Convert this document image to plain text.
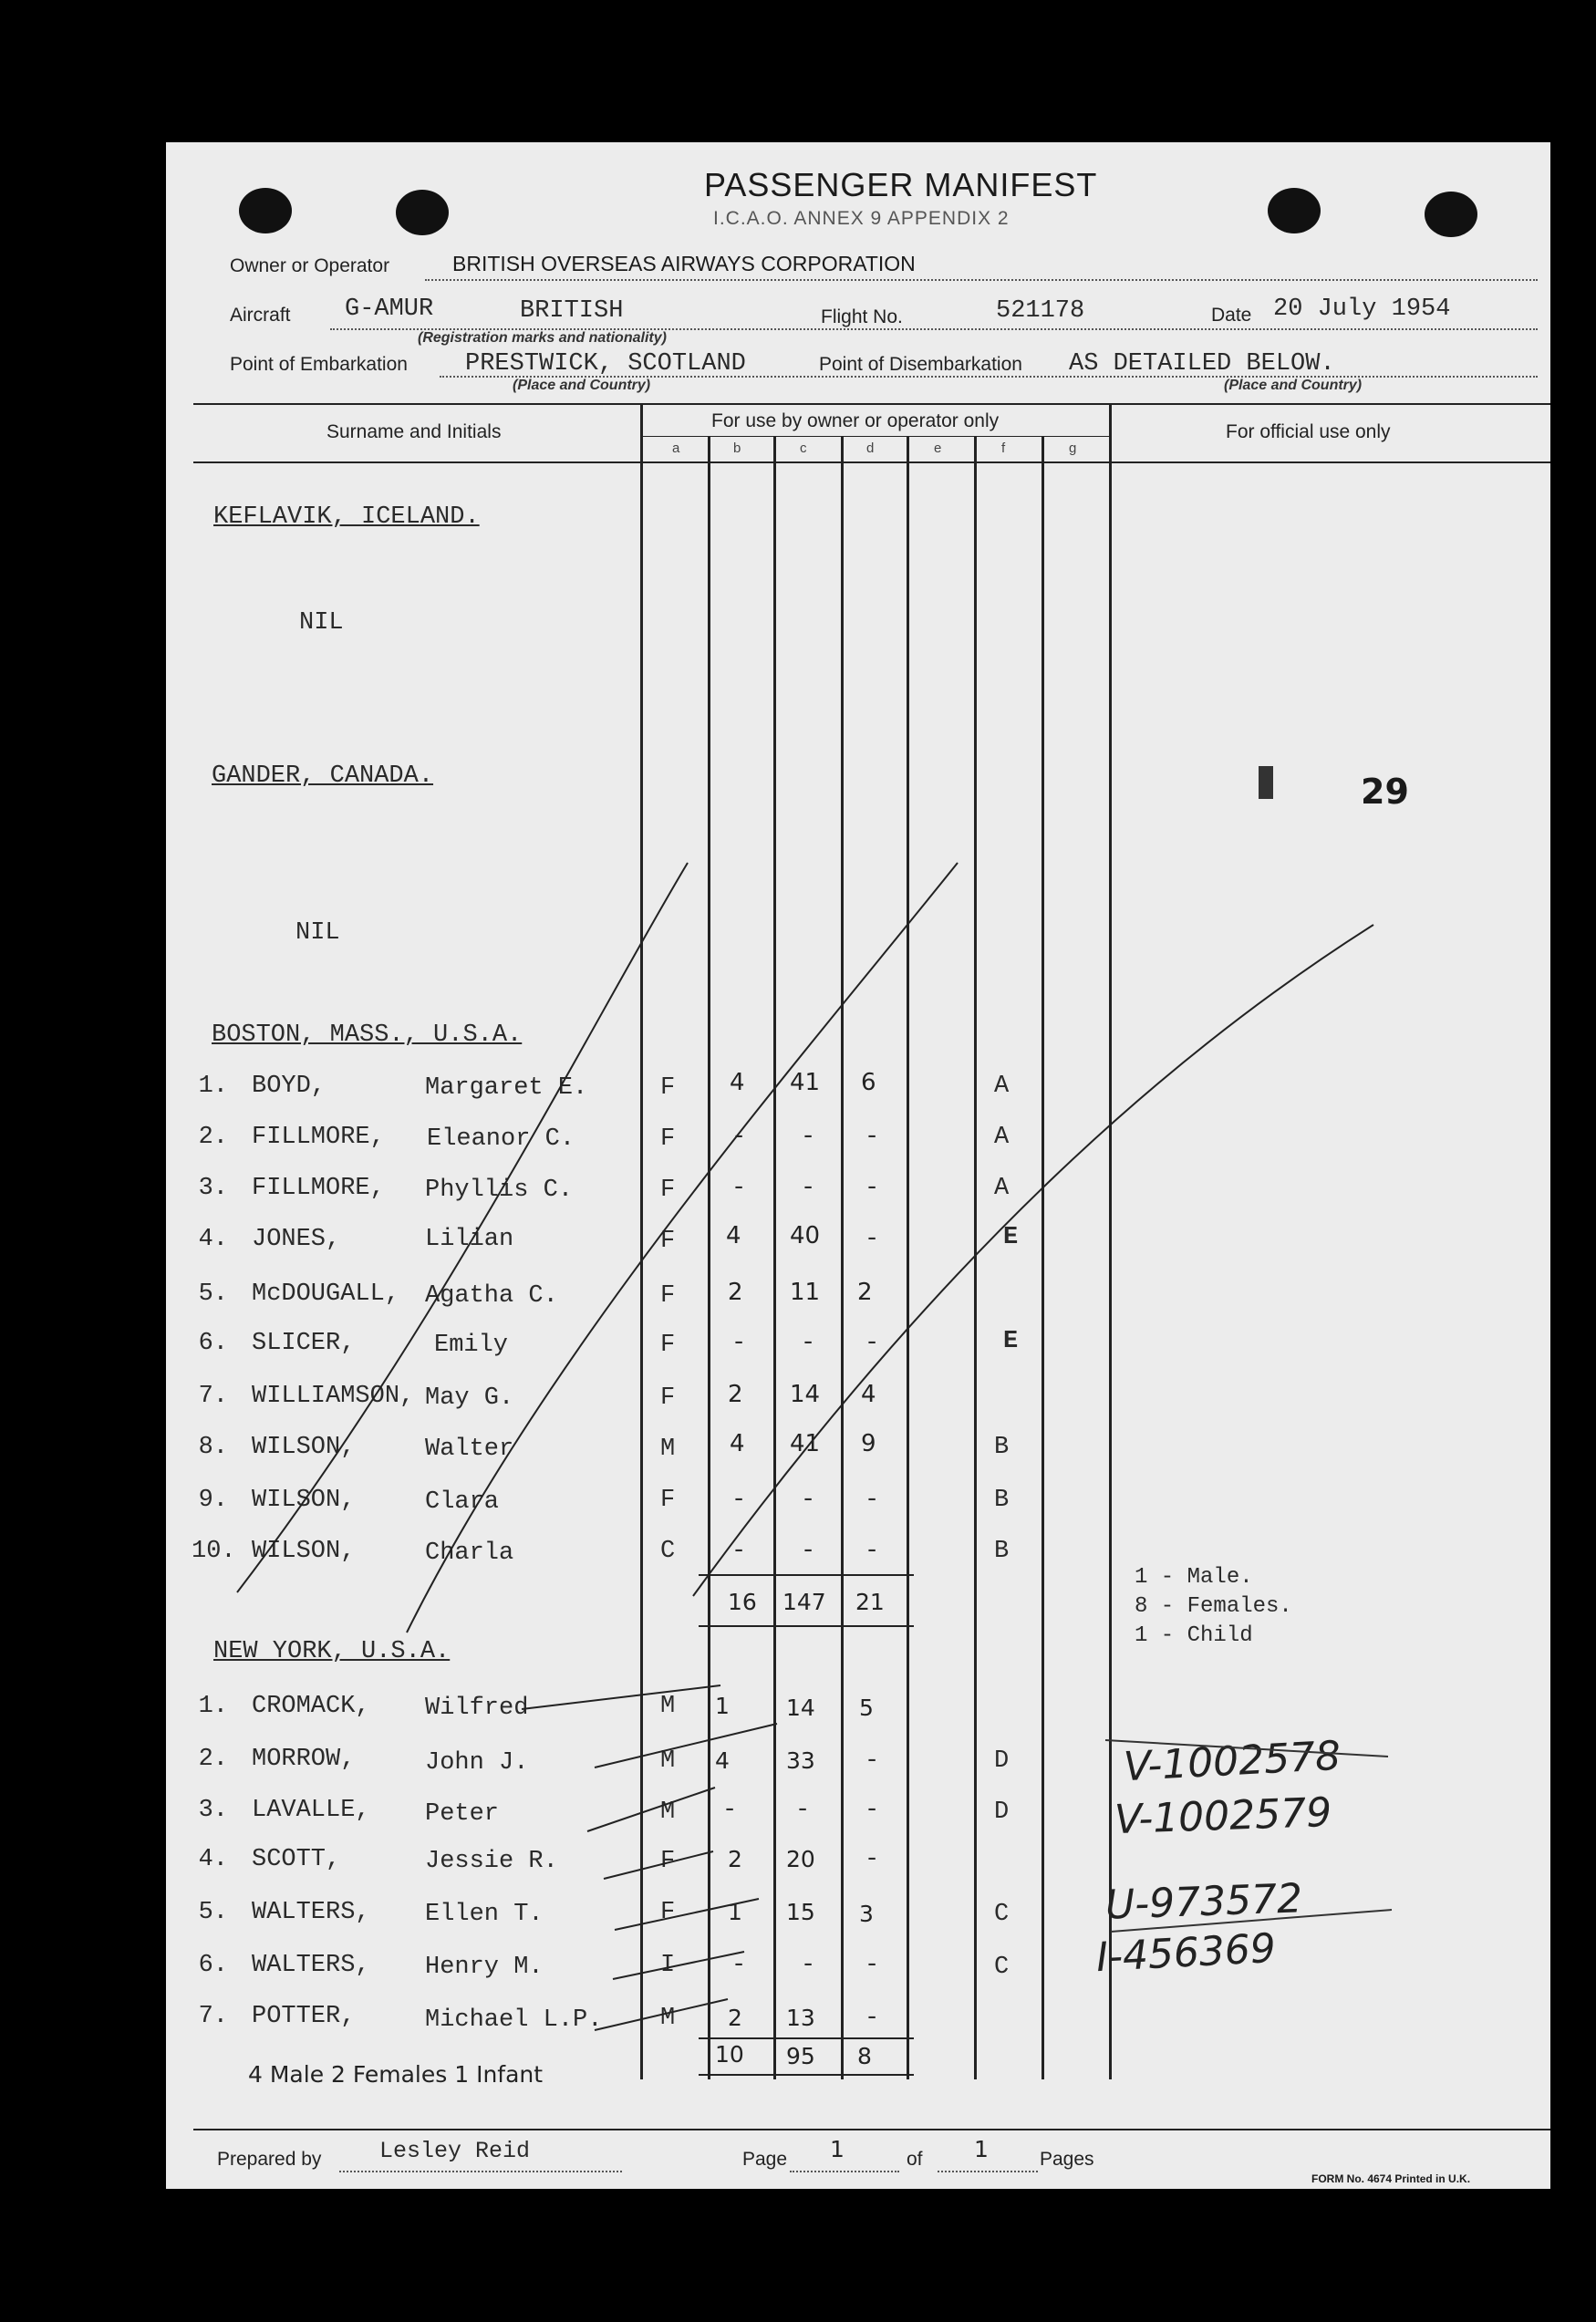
PASSENGER MANIFEST
I.C.A.O. ANNEX 9 APPENDIX 2
Owner or Operator	BRITISH OVERSEAS AIRWAYS CORPORATION
Aircraft G-AMUR	BRITISH	Flight No.	521178	Date 20 July 1954
(Registration marks and nationality)
Point of Embarkation PRESTWICK, SCOTLAND	Point of Disembarkation AS DETAILED BELOW.
(Place and Country)	(Place and Country)
Surname and Initials
For use by owner or operator only
For official use only
a	b	c	d	e	f	g
KEFLAVIK, ICELAND.
NIL
GANDER, CANADA.	29
NIL
BOSTON, MASS., U.S.A.
1. BOYD,	Margaret E.	F 4 41 6	A
2. FILLMORE, Eleanor C.	F - - -	A
3. FILLMORE, Phyllis C.	F - - -	A
4. JONES,	Lilian	F 4 40 -	E
5. McDOUGALL, Agatha C.	F 2 11 2
6. SLICER,	Emily	F - - -	E
7. WILLIAMSON, May G.	F 2 14 4
8. WILSON,	Walter	M 4 41 9	B
9. WILSON,	Clara	F - - -	B
10. WILSON,	Charla	C - - -	B
16 147 21
1 - Male.
8 - Females.
1 - Child
NEW YORK, U.S.A.
1. CROMACK, Wilfred	M 1 14 5
2. MORROW,	John J.	M 4 33 -	D
3. LAVALLE, Peter	M - - -	D
4. SCOTT,	Jessie R.	F 2 20 -
5. WALTERS, Ellen T.	F 1 15 3	C
6. WALTERS, Henry M.	I - - -	C
7. POTTER,	Michael L.P. M 2 13 -
10 95 8
4 Male 2 Females 1 Infant
V-1002578
V-1002579
U-973572
I-456369
Prepared by	Lesley Reid	Page 1	of 1	Pages
FORM No. 4674 Printed in U.K.
